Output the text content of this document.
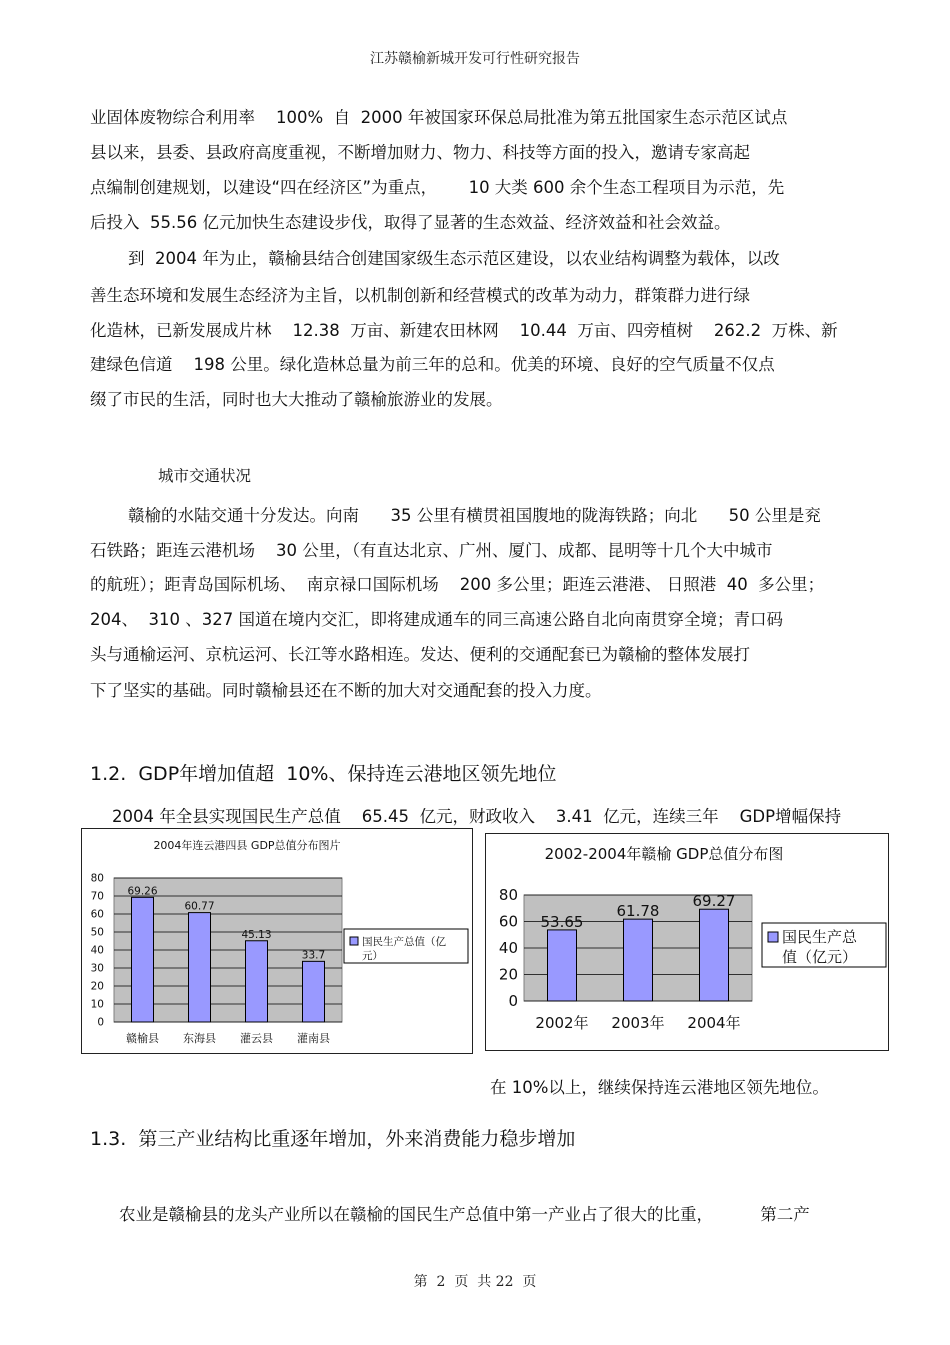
江苏赣榆新城开发可行性研究报告
业固体废物综合利用率    100%  自  2000 年被国家环保总局批准为第五批国家生态示范区试点
县以来，县委、县政府高度重视，不断增加财力、物力、科技等方面的投入，邀请专家高起
点编制创建规划，以建设“四在经济区”为重点，      10 大类 600 余个生态工程项目为示范，先
后投入  55.56 亿元加快生态建设步伐，取得了显著的生态效益、经济效益和社会效益。
到  2004 年为止，赣榆县结合创建国家级生态示范区建设，以农业结构调整为载体，以改
善生态环境和发展生态经济为主旨，以机制创新和经营模式的改革为动力，群策群力进行绿
化造林，已新发展成片林    12.38  万亩、新建农田林网    10.44  万亩、四旁植树    262.2  万株、新
建绿色信道    198 公里。绿化造林总量为前三年的总和。优美的环境、良好的空气质量不仅点
缀了市民的生活，同时也大大推动了赣榆旅游业的发展。
城市交通状况
赣榆的水陆交通十分发达。向南      35 公里有横贯祖国腹地的陇海铁路；向北      50 公里是兖
石铁路；距连云港机场    30 公里，（有直达北京、广州、厦门、成都、昆明等十几个大中城市
的航班）；距青岛国际机场、  南京禄口国际机场    200 多公里；距连云港港、 日照港  40  多公里；
204、  310 、327 国道在境内交汇，即将建成通车的同三高速公路自北向南贯穿全境；青口码
头与通榆运河、京杭运河、长江等水路相连。发达、便利的交通配套已为赣榆的整体发展打
下了坚实的基础。同时赣榆县还在不断的加大对交通配套的投入力度。
1.2.  GDP年增加值超  10%、保持连云港地区领先地位
2004 年全县实现国民生产总值    65.45  亿元，财政收入    3.41  亿元，连续三年    GDP增幅保持
2004年连云港四县 GDP总值分布图片
0
10
20
30
40
50
60
70
80
69.26
赣榆县
60.77
东海县
45.13
灌云县
33.7
灌南县
国民生产总值（亿
元）
2002-2004年赣榆 GDP总值分布图
0
20
40
60
80
53.65
2002年
61.78
2003年
69.27
2004年
国民生产总
值（亿元）
在 10%以上，继续保持连云港地区领先地位。
1.3.  第三产业结构比重逐年增加，外来消费能力稳步增加
农业是赣榆县的龙头产业所以在赣榆的国民生产总值中第一产业占了很大的比重，         第二产
第  2  页  共 22  页
